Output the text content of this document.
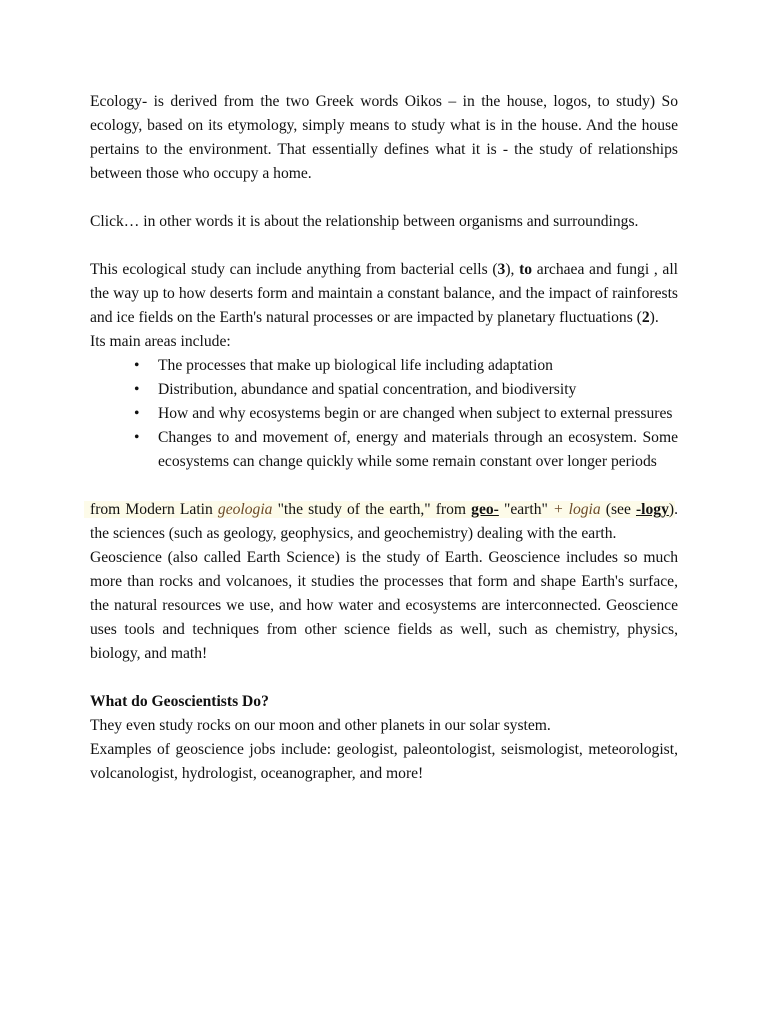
Ecology- is derived from the two Greek words Oikos – in the house, logos, to study) So ecology, based on its etymology, simply means to study what is in the house. And the house pertains to the environment. That essentially defines what it is - the study of relationships between those who occupy a home.

Click… in other words it is about the relationship between organisms and surroundings.

This ecological study can include anything from bacterial cells (3), to archaea and fungi , all the way up to how deserts form and maintain a constant balance, and the impact of rainforests and ice fields on the Earth's natural processes or are impacted by planetary fluctuations (2).

Its main areas include:

• The processes that make up biological life including adaptation
• Distribution, abundance and spatial concentration, and biodiversity
• How and why ecosystems begin or are changed when subject to external pressures
• Changes to and movement of, energy and materials through an ecosystem. Some ecosystems can change quickly while some remain constant over longer periods

from Modern Latin geologia "the study of the earth," from geo- "earth" + logia (see -logy). the sciences (such as geology, geophysics, and geochemistry) dealing with the earth.

Geoscience (also called Earth Science) is the study of Earth. Geoscience includes so much more than rocks and volcanoes, it studies the processes that form and shape Earth's surface, the natural resources we use, and how water and ecosystems are interconnected. Geoscience uses tools and techniques from other science fields as well, such as chemistry, physics, biology, and math!

What do Geoscientists Do?

They even study rocks on our moon and other planets in our solar system.

Examples of geoscience jobs include: geologist, paleontologist, seismologist, meteorologist, volcanologist, hydrologist, oceanographer, and more!
